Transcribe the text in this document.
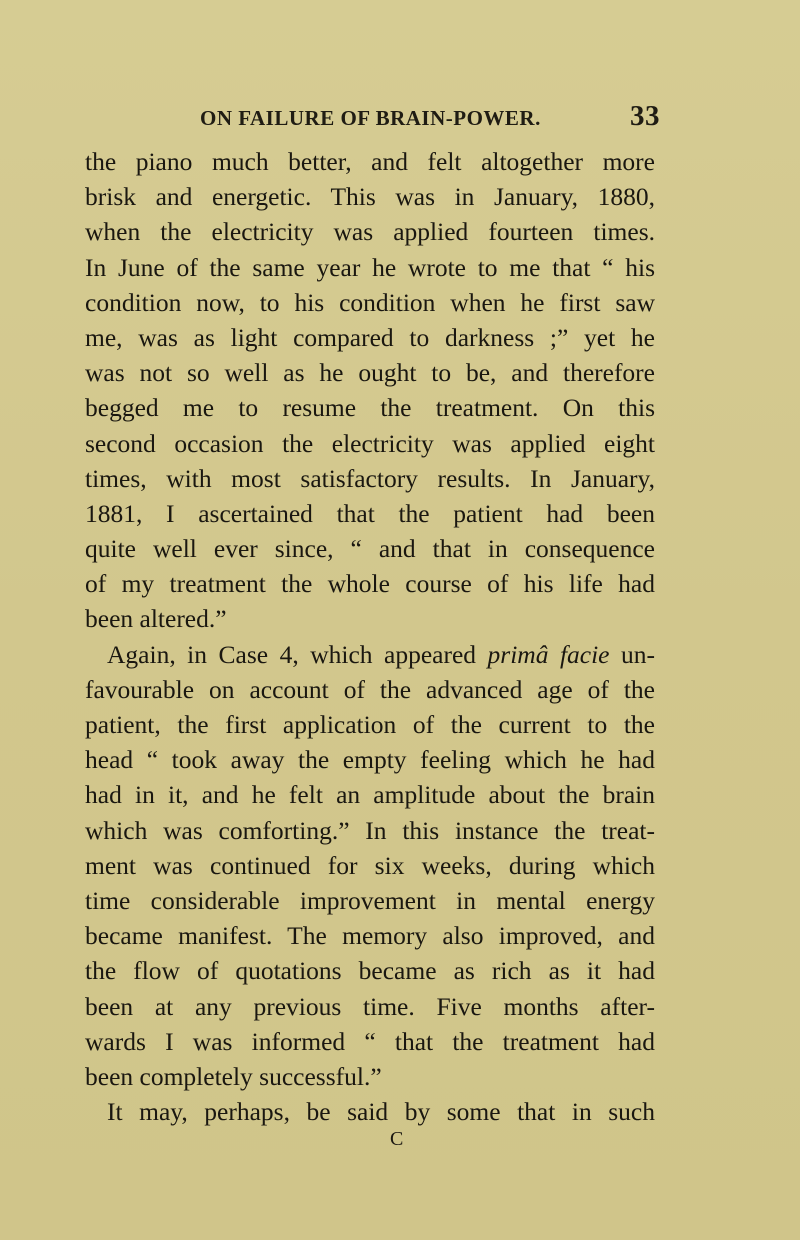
ON FAILURE OF BRAIN-POWER.	33
the piano much better, and felt altogether more
brisk and energetic. This was in January, 1880,
when the electricity was applied fourteen times.
In June of the same year he wrote to me that “ his
condition now, to his condition when he first saw
me, was as light compared to darkness ;” yet he
was not so well as he ought to be, and therefore
begged me to resume the treatment. On this
second occasion the electricity was applied eight
times, with most satisfactory results. In January,
1881, I ascertained that the patient had been
quite well ever since, “ and that in consequence
of my treatment the whole course of his life had
been altered.”
Again, in Case 4, which appeared primâ facie un-
favourable on account of the advanced age of the
patient, the first application of the current to the
head “ took away the empty feeling which he had
had in it, and he felt an amplitude about the brain
which was comforting.” In this instance the treat-
ment was continued for six weeks, during which
time considerable improvement in mental energy
became manifest. The memory also improved, and
the flow of quotations became as rich as it had
been at any previous time. Five months after-
wards I was informed “ that the treatment had
been completely successful.”
It may, perhaps, be said by some that in such
C
